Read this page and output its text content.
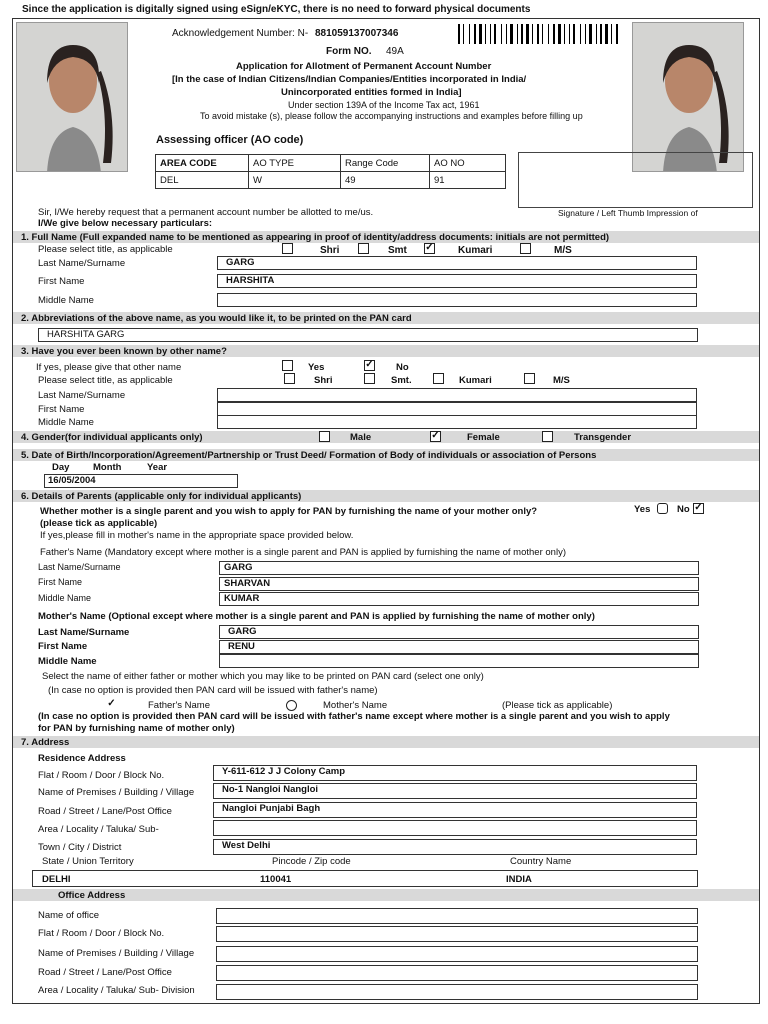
Since the application is digitally signed using eSign/eKYC, there is no need to forward physical documents
Acknowledgement Number: N- 881059137007346
Form NO. 49A
Application for Allotment of Permanent Account Number
[In the case of Indian Citizens/Indian Companies/Entities incorporated in India/
Unincorporated entities formed in India]
Under section 139A of the Income Tax act, 1961
To avoid mistake (s), please follow the accompanying instructions and examples before filling up
Assessing officer (AO code)
AREA CODE	AO TYPE	Range Code	AO NO
DEL	W	49	91
Signature / Left Thumb Impression of
Sir, I/We hereby request that a permanent account number be allotted to me/us.
I/We give below necessary particulars:
1. Full Name (Full expanded name to be mentioned as appearing in proof of identity/address documents: initials are not permitted)
Please select title, as applicable	Shri	Smt ✓ Kumari	M/S
Last Name/Surname	GARG
First Name	HARSHITA
Middle Name
2. Abbreviations of the above name, as you would like it, to be printed on the PAN card
HARSHITA GARG
3. Have you ever been known by other name?
If yes, please give that other name	Yes	✓ No
Please select title, as applicable	Shri	Smt.	Kumari	M/S
Last Name/Surname
First Name
Middle Name
4. Gender(for individual applicants only)	Male	✓	Female	Transgender
5. Date of Birth/Incorporation/Agreement/Partnership or Trust Deed/ Formation of Body of individuals or association of Persons
Day Month	Year
16/05/2004
6. Details of Parents (applicable only for individual applicants)
Whether mother is a single parent and you wish to apply for PAN by furnishing the name of your mother only?	Yes	No ✓
(please tick as applicable)
If yes,please fill in mother's name in the appropriate space provided below.
Father's Name (Mandatory except where mother is a single parent and PAN is applied by furnishing the name of mother only)
Last Name/Surname	GARG
First Name	SHARVAN
Middle Name	KUMAR
Mother's Name (Optional except where mother is a single parent and PAN is applied by furnishing the name of mother only)
Last Name/Surname	GARG
First Name	RENU
Middle Name
Select the name of either father or mother which you may like to be printed on PAN card (select one only)
(In case no option is provided then PAN card will be issued with father's name)
✓	Father's Name	Mother's Name	(Please tick as applicable)
(In case no option is provided then PAN card will be issued with father's name except where mother is a single parent and you wish to apply
for PAN by furnishing name of mother only)
7. Address
Residence Address
Flat / Room / Door / Block No.	Y-611-612 J J Colony Camp
Name of Premises / Building / Village	No-1 Nangloi Nangloi
Road / Street / Lane/Post Office	Nangloi Punjabi Bagh
Area / Locality / Taluka/ Sub-
Town / City / District	West Delhi
State / Union Territory	Pincode / Zip code	Country Name
DELHI	110041	INDIA
Office Address
Name of office
Flat / Room / Door / Block No.
Name of Premises / Building / Village
Road / Street / Lane/Post Office
Area / Locality / Taluka/ Sub- Division
